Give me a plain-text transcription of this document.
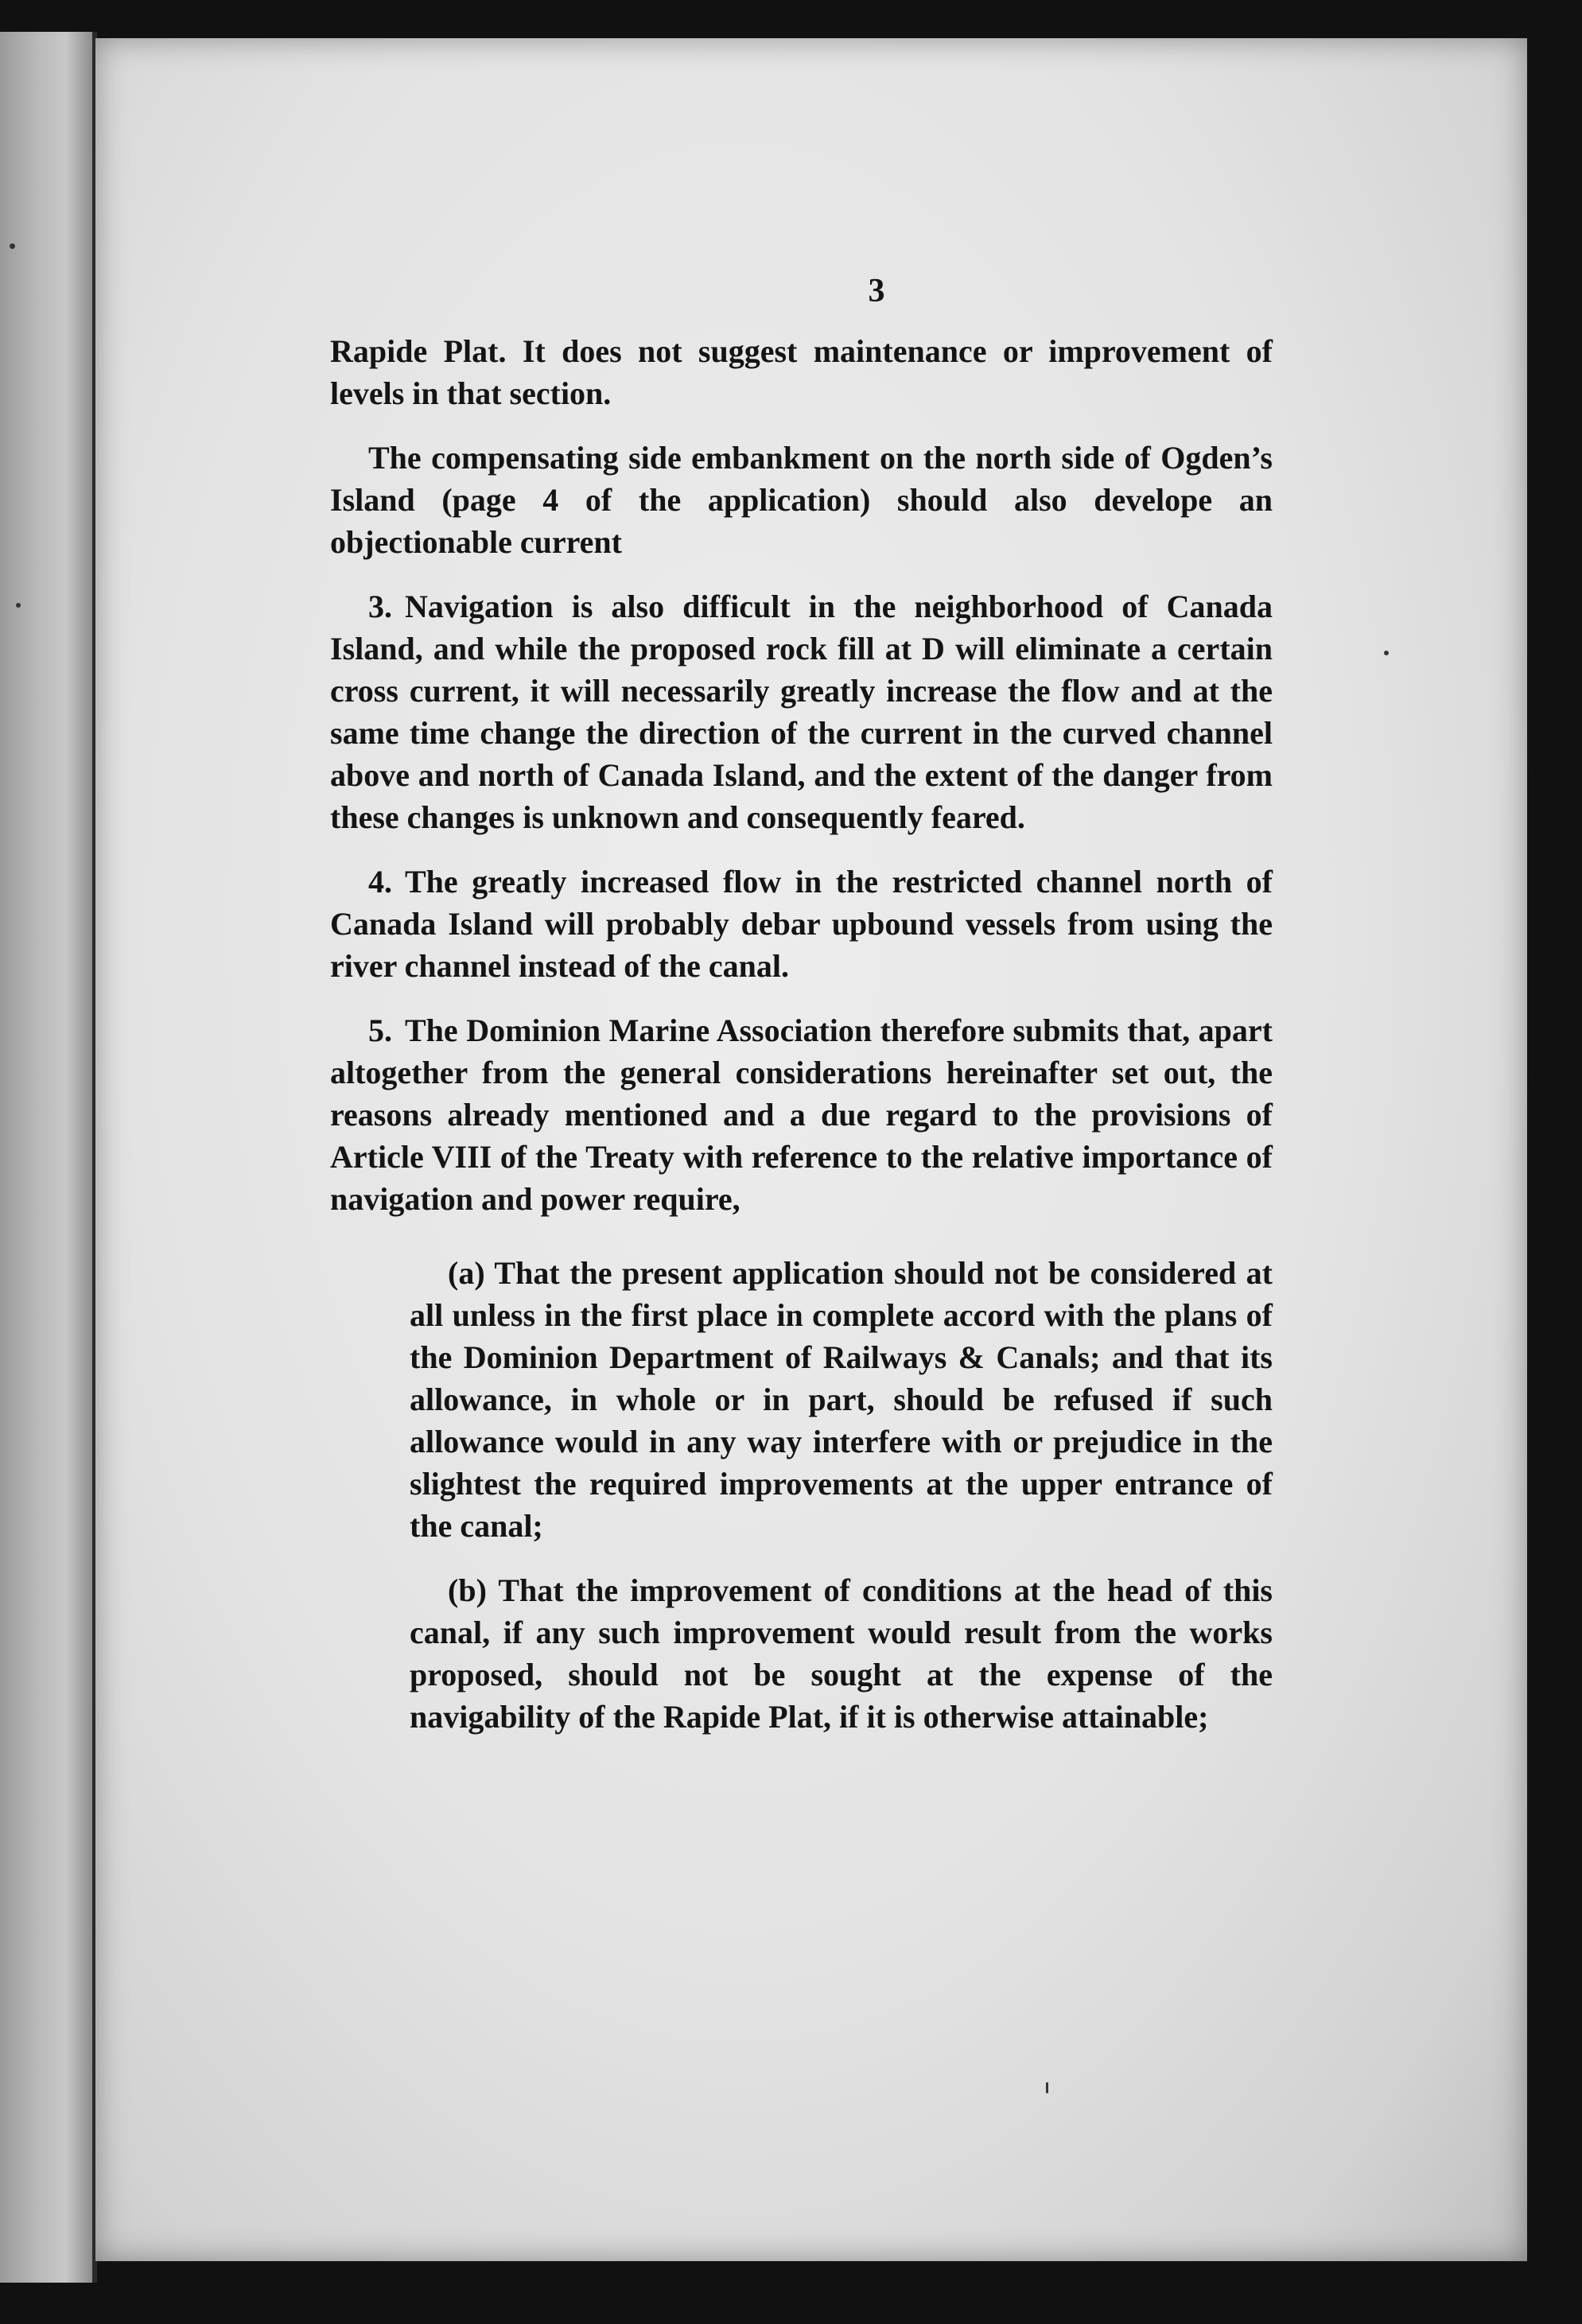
3

Rapide Plat. It does not suggest maintenance or improvement of levels in that section.

The compensating side embankment on the north side of Ogden’s Island (page 4 of the application) should also develope an objectionable current

3. Navigation is also difficult in the neighborhood of Canada Island, and while the proposed rock fill at D will eliminate a certain cross current, it will necessarily greatly increase the flow and at the same time change the direction of the current in the curved channel above and north of Canada Island, and the extent of the danger from these changes is unknown and consequently feared.

4. The greatly increased flow in the restricted channel north of Canada Island will probably debar upbound vessels from using the river channel instead of the canal.

5. The Dominion Marine Association therefore submits that, apart altogether from the general considerations hereinafter set out, the reasons already mentioned and a due regard to the provisions of Article VIII of the Treaty with reference to the relative importance of navigation and power require,

(a) That the present application should not be considered at all unless in the first place in complete accord with the plans of the Dominion Department of Railways & Canals; and that its allowance, in whole or in part, should be refused if such allowance would in any way interfere with or prejudice in the slightest the required improvements at the upper entrance of the canal;

(b) That the improvement of conditions at the head of this canal, if any such improvement would result from the works proposed, should not be sought at the expense of the navigability of the Rapide Plat, if it is otherwise attainable;
